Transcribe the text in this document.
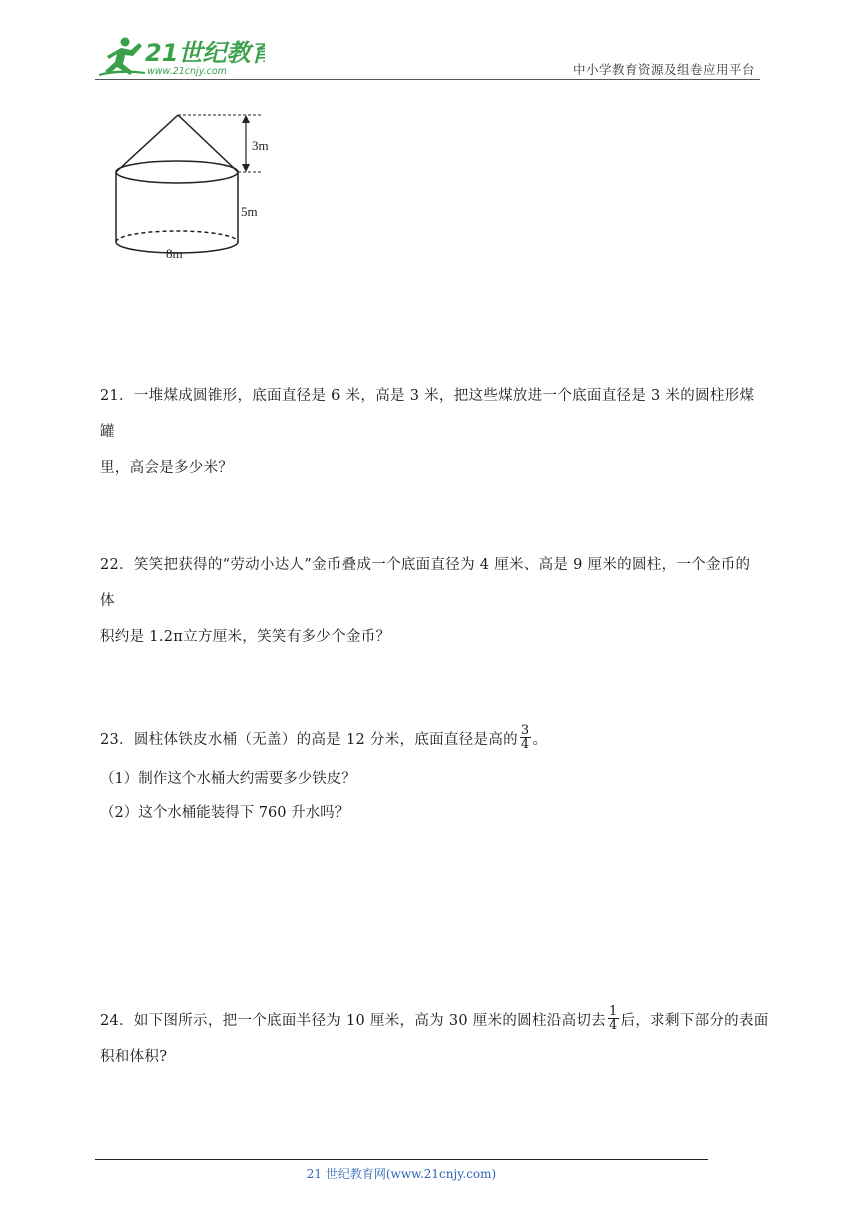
21世纪教育
www.21cnjy.com	中小学教育资源及组卷应用平台
3m
5m
8m
21．一堆煤成圆锥形，底面直径是 6 米，高是 3 米，把这些煤放进一个底面直径是 3 米的圆柱形煤罐
里，高会是多少米？
22．笑笑把获得的“劳动小达人”金币叠成一个底面直径为 4 厘米、高是 9 厘米的圆柱，一个金币的体
积约是 1.2π立方厘米，笑笑有多少个金币？
23．圆柱体铁皮水桶（无盖）的高是 12 分米，底面直径是高的 $\frac{3}{4}$ 。
（1）制作这个水桶大约需要多少铁皮？
（2）这个水桶能装得下 760 升水吗？
24．如下图所示，把一个底面半径为 10 厘米，高为 30 厘米的圆柱沿高切去 $\frac{1}{4}$ 后，求剩下部分的表面
积和体积?
21 世纪教育网(www.21cnjy.com)
